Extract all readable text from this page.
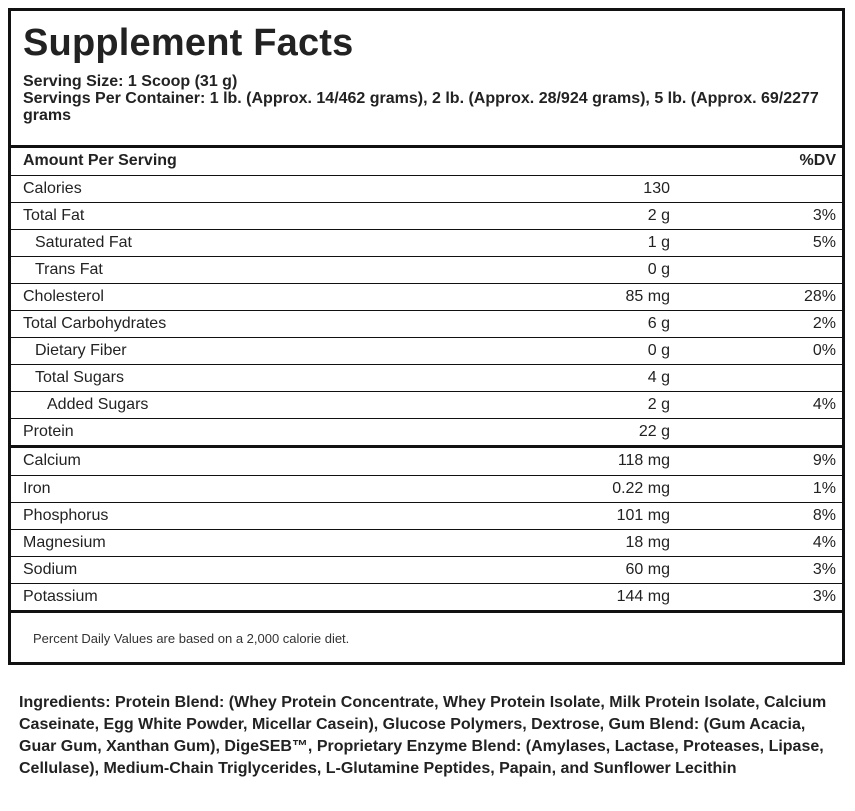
Supplement Facts
Serving Size: 1 Scoop (31 g)
Servings Per Container: 1 lb. (Approx. 14/462 grams), 2 lb. (Approx. 28/924 grams), 5 lb. (Approx. 69/2277 grams
Amount Per Serving	%DV
Calories	130
Total Fat	2 g	3%
Saturated Fat	1 g	5%
Trans Fat	0 g
Cholesterol	85 mg	28%
Total Carbohydrates	6 g	2%
Dietary Fiber	0 g	0%
Total Sugars	4 g
Added Sugars	2 g	4%
Protein	22 g
Calcium	118 mg	9%
Iron	0.22 mg	1%
Phosphorus	101 mg	8%
Magnesium	18 mg	4%
Sodium	60 mg	3%
Potassium	144 mg	3%
Percent Daily Values are based on a 2,000 calorie diet.
Ingredients: Protein Blend: (Whey Protein Concentrate, Whey Protein Isolate, Milk Protein Isolate, Calcium Caseinate, Egg White Powder, Micellar Casein), Glucose Polymers, Dextrose, Gum Blend: (Gum Acacia, Guar Gum, Xanthan Gum), DigeSEB™, Proprietary Enzyme Blend: (Amylases, Lactase, Proteases, Lipase, Cellulase), Medium-Chain Triglycerides, L-Glutamine Peptides, Papain, and Sunflower Lecithin
